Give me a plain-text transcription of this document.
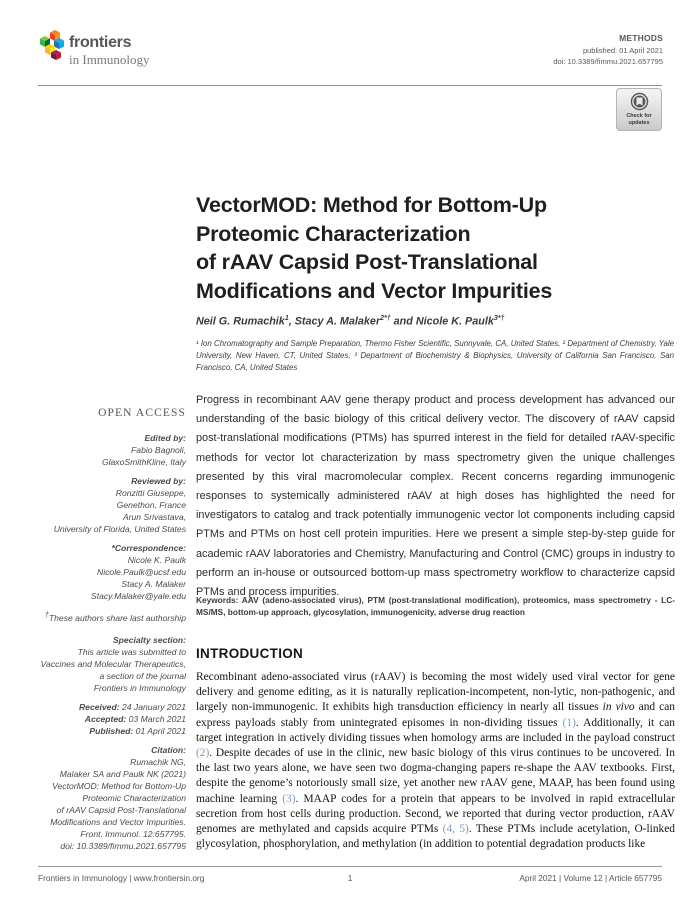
frontiers
in Immunology
METHODS
published: 01 April 2021
doi: 10.3389/fimmu.2021.657795
Check for
updates
OPEN ACCESS
Edited by:
Fabio Bagnoli,
GlaxoSmithKline, Italy
Reviewed by:
Ronzitti Giuseppe,
Genethon, France
Arun Srivastava,
University of Florida, United States
*Correspondence:
Nicole K. Paulk
Nicole.Paulk@ucsf.edu
Stacy A. Malaker
Stacy.Malaker@yale.edu
†These authors share last authorship
Specialty section:
This article was submitted to
Vaccines and Molecular Therapeutics,
a section of the journal
Frontiers in Immunology
Received: 24 January 2021
Accepted: 03 March 2021
Published: 01 April 2021
Citation:
Rumachik NG,
Malaker SA and Paulk NK (2021)
VectorMOD: Method for Bottom-Up
Proteomic Characterization
of rAAV Capsid Post-Translational
Modifications and Vector Impurities.
Front. Immunol. 12:657795.
doi: 10.3389/fimmu.2021.657795
VectorMOD: Method for Bottom-Up
Proteomic Characterization
of rAAV Capsid Post-Translational
Modifications and Vector Impurities
Neil G. Rumachik$^1$, Stacy A. Malaker$^{2*\dagger}$ and Nicole K. Paulk$^{3*\dagger}$
¹ Ion Chromatography and Sample Preparation, Thermo Fisher Scientific, Sunnyvale, CA, United States, ² Department of Chemistry, Yale University, New Haven, CT, United States, ³ Department of Biochemistry & Biophysics, University of California San Francisco, San Francisco, CA, United States
Progress in recombinant AAV gene therapy product and process development has advanced our understanding of the basic biology of this critical delivery vector. The discovery of rAAV capsid post-translational modifications (PTMs) has spurred interest in the field for detailed rAAV-specific methods for vector lot characterization by mass spectrometry given the unique challenges presented by this viral macromolecular complex. Recent concerns regarding immunogenic responses to systemically administered rAAV at high doses has highlighted the need for investigators to catalog and track potentially immunogenic vector lot components including capsid PTMs and PTMs on host cell protein impurities. Here we present a simple step-by-step guide for academic rAAV laboratories and Chemistry, Manufacturing and Control (CMC) groups in industry to perform an in-house or outsourced bottom-up mass spectrometry workflow to characterize capsid PTMs and process impurities.
Keywords: AAV (adeno-associated virus), PTM (post-translational modification), proteomics, mass spectrometry - LC-MS/MS, bottom-up approach, glycosylation, immunogenicity, adverse drug reaction
INTRODUCTION
Recombinant adeno-associated virus (rAAV) is becoming the most widely used viral vector for gene delivery and genome editing, as it is naturally replication-incompetent, non-lytic, non-pathogenic, and largely non-immunogenic. It exhibits high transduction efficiency in nearly all tissues in vivo and can express payloads stably from unintegrated episomes in non-dividing tissues (1). Additionally, it can target integration in actively dividing tissues when homology arms are included in the payload construct (2). Despite decades of use in the clinic, new basic biology of this virus continues to be uncovered. In the last two years alone, we have seen two dogma-changing papers re-shape the AAV textbooks. First, despite the genome’s notoriously small size, yet another new rAAV gene, MAAP, has been found using machine learning (3). MAAP codes for a protein that appears to be involved in rapid extracellular secretion from host cells during production. Second, we reported that during vector production, rAAV genomes are methylated and capsids acquire PTMs (4, 5). These PTMs include acetylation, O-linked glycosylation, phosphorylation, and methylation (in addition to potential degradation products like
Frontiers in Immunology | www.frontiersin.org	1	April 2021 | Volume 12 | Article 657795
